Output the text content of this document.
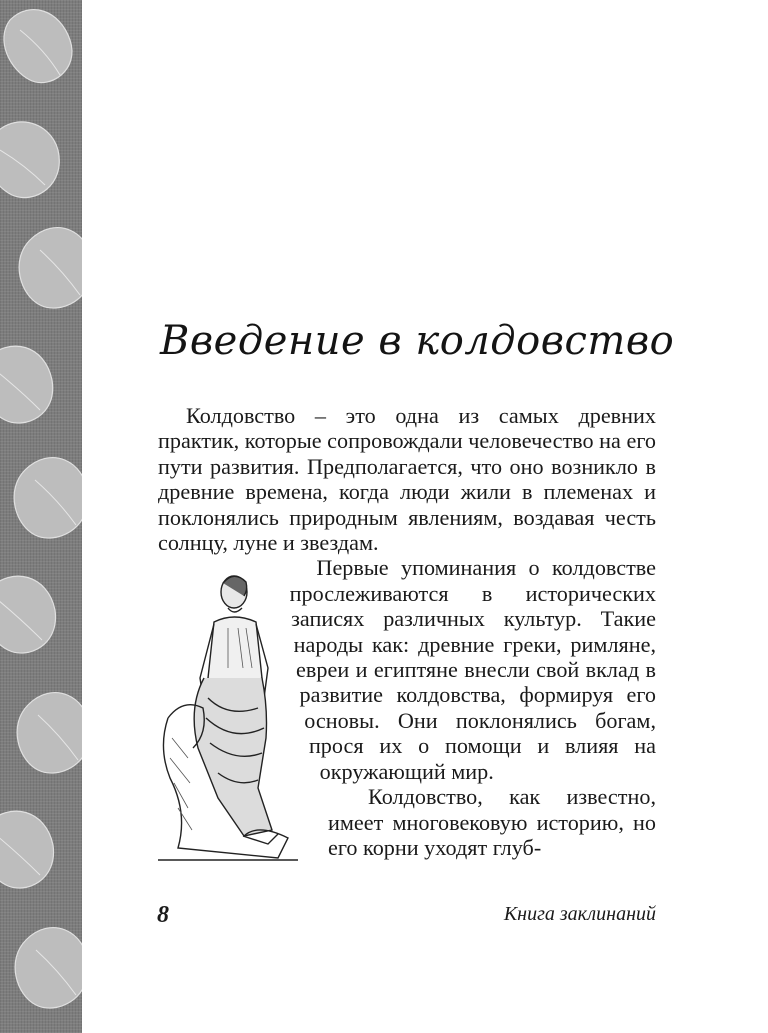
Введение в колдовство

Колдовство – это одна из самых древних практик, которые сопровождали человечество на его пути развития. Предполагается, что оно возникло в древние времена, когда люди жили в племенах и поклонялись природным явлениям, воздавая честь солнцу, луне и звездам.

Первые упоминания о колдовстве прослеживаются в исторических записях различных культур. Такие народы как: древние греки, римляне, евреи и египтяне внесли свой вклад в развитие колдовства, формируя его основы. Они поклонялись богам, прося их о помощи и влияя на окружающий мир.

Колдовство, как известно, имеет многовековую историю, но его корни уходят глуб-

8	Книга заклинаний
